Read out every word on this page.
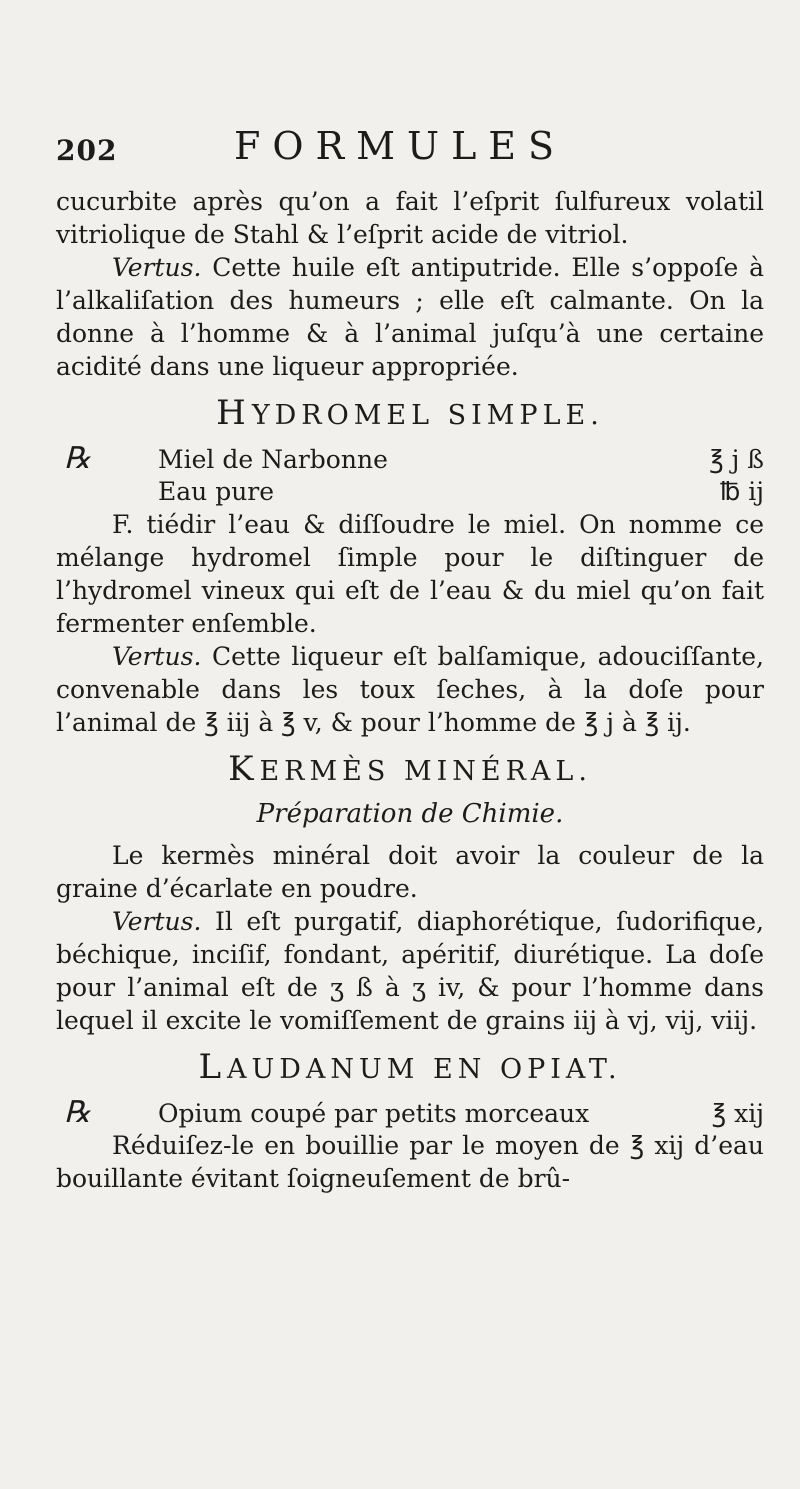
202	FORMULES

cucurbite après qu’on a fait l’eſprit ſulfureux volatil vitriolique de Stahl & l’eſprit acide de vitriol.

Vertus. Cette huile eſt antiputride. Elle s’oppoſe à l’alkaliſation des humeurs ; elle eſt calmante. On la donne à l’homme & à l’animal juſqu’à une certaine acidité dans une liqueur appropriée.

HYDROMEL SIMPLE.
℞	Miel de Narbonne	℥ j ß
Eau pure	℔ ij

F. tiédir l’eau & diſſoudre le miel. On nomme ce mélange hydromel ſimple pour le diſtinguer de l’hydromel vineux qui eſt de l’eau & du miel qu’on fait fermenter enſemble.

Vertus. Cette liqueur eſt balſamique, adouciſſante, convenable dans les toux ſeches, à la doſe pour l’animal de ℥ iij à ℥ v, & pour l’homme de ℥ j à ℥ ij.

KERMÈS MINÉRAL.
Préparation de Chimie.

Le kermès minéral doit avoir la couleur de la graine d’écarlate en poudre.

Vertus. Il eſt purgatif, diaphorétique, ſudorifique, béchique, inciſif, fondant, apéritif, diurétique. La doſe pour l’animal eſt de ʒ ß à ʒ iv, & pour l’homme dans lequel il excite le vomiſſement de grains iij à vj, vij, viij.

LAUDANUM EN OPIAT.
℞	Opium coupé par petits morceaux	℥ xij

Réduiſez-le en bouillie par le moyen de ℥ xij d’eau bouillante évitant ſoigneuſement de brû-
